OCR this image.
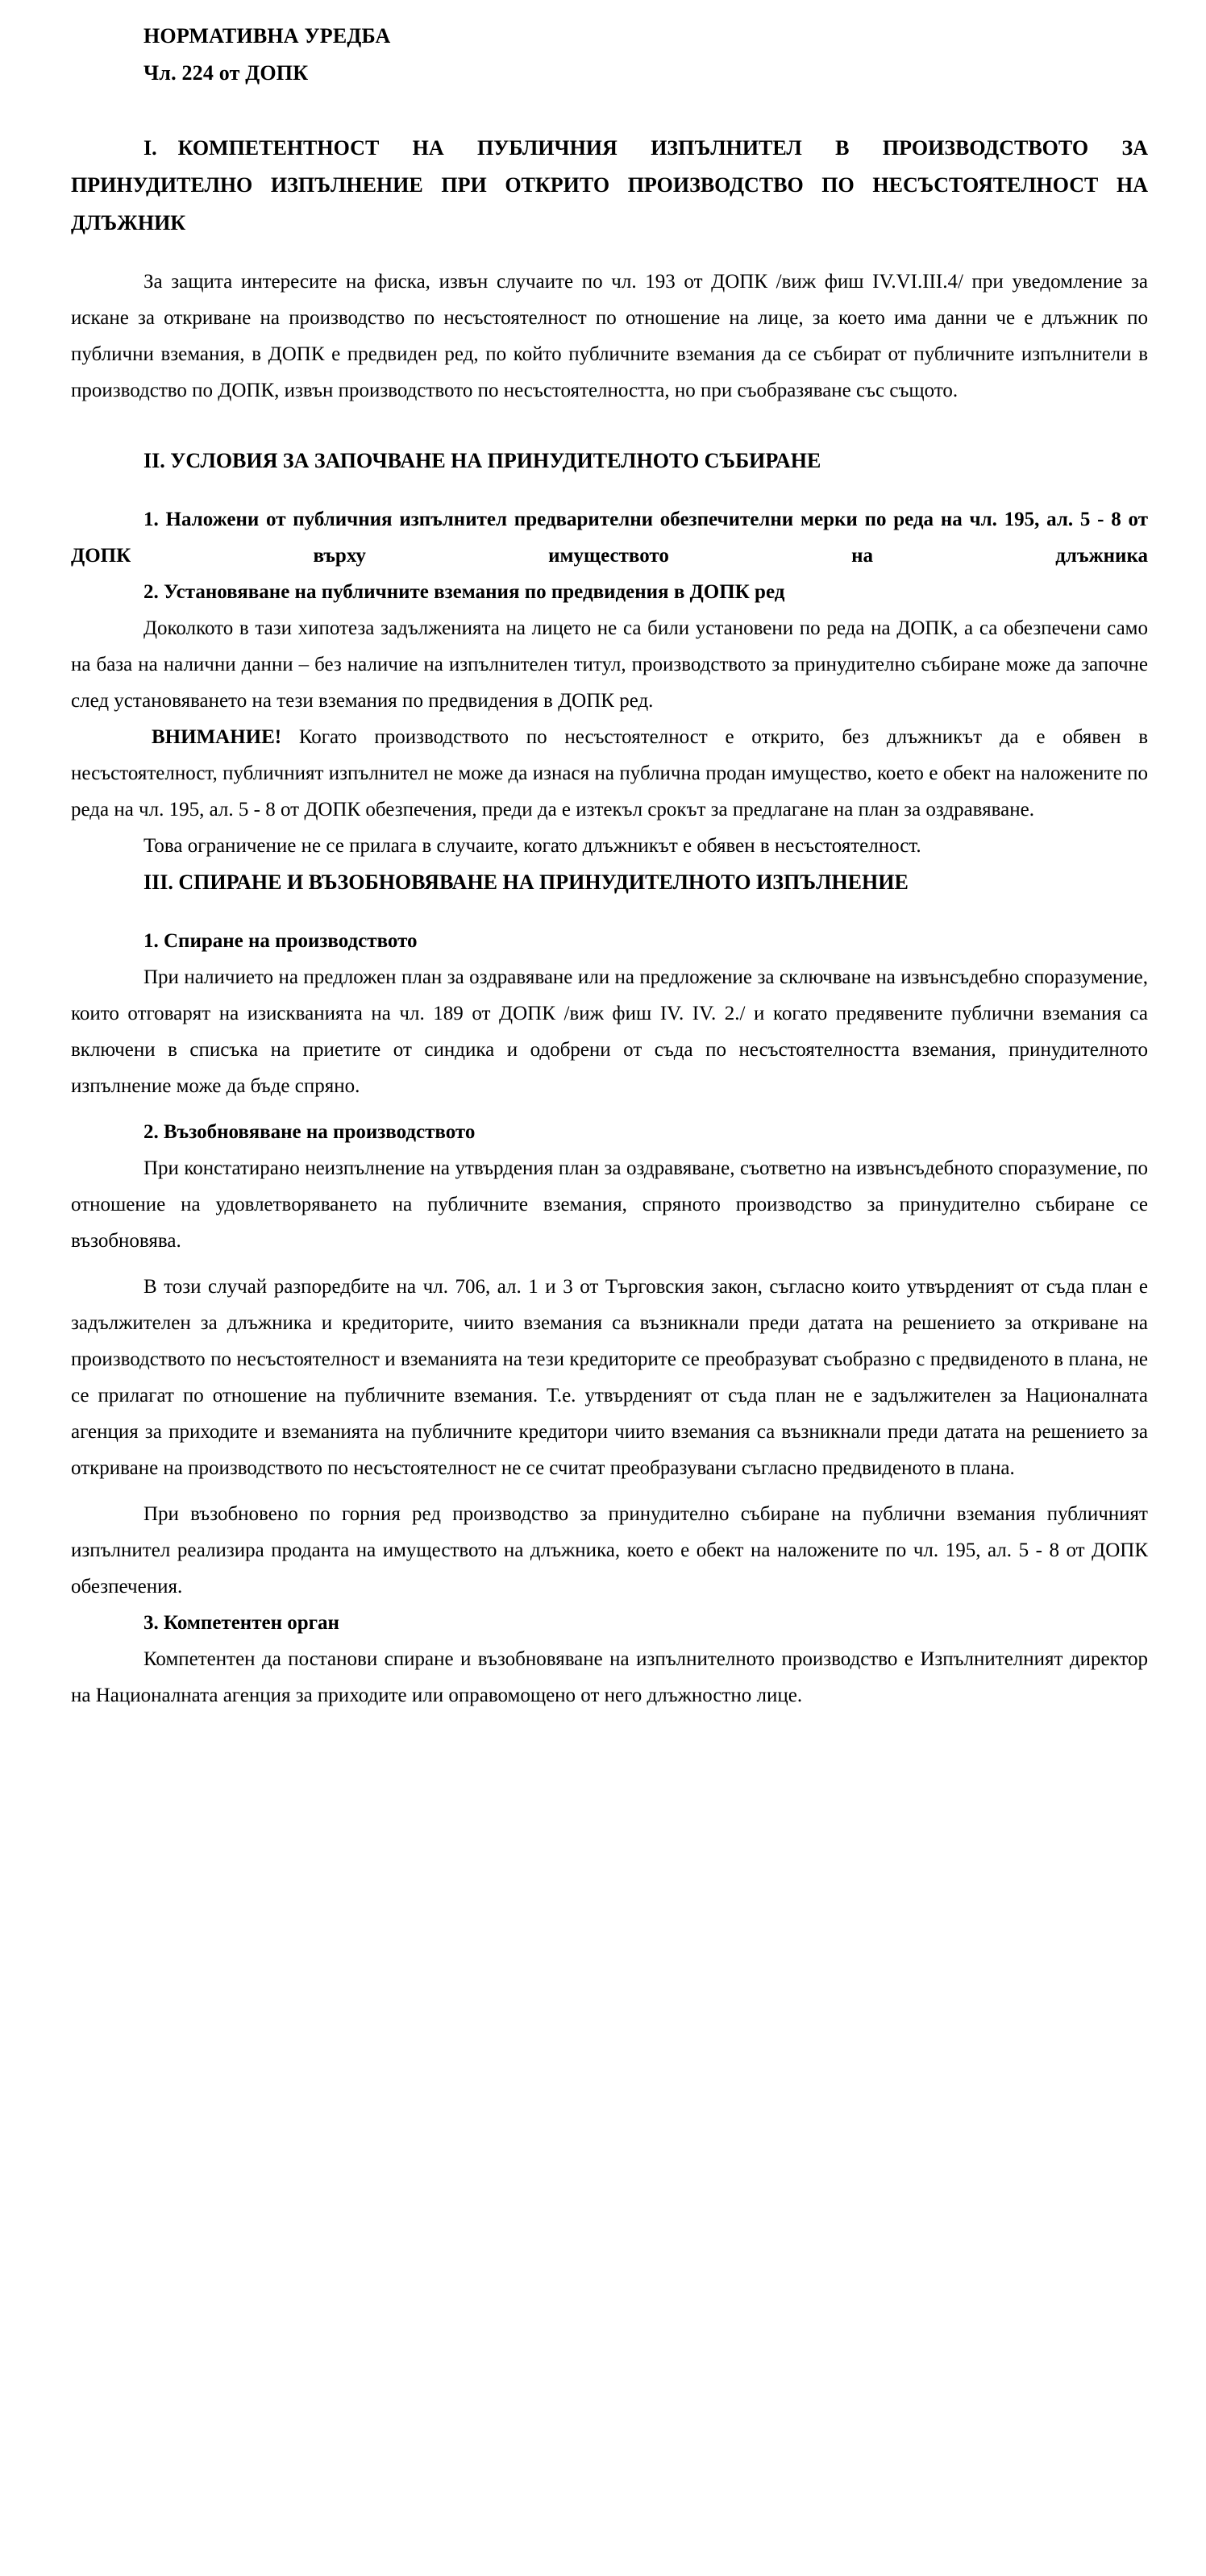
НОРМАТИВНА УРЕДБА
Чл. 224 от ДОПК
I. КОМПЕТЕНТНОСТ НА ПУБЛИЧНИЯ ИЗПЪЛНИТЕЛ В ПРОИЗВОДСТВОТО ЗА ПРИНУДИТЕЛНО ИЗПЪЛНЕНИЕ ПРИ ОТКРИТО ПРОИЗВОДСТВО ПО НЕСЪСТОЯТЕЛНОСТ НА ДЛЪЖНИК

За защита интересите на фиска, извън случаите по чл. 193 от ДОПК /виж фиш IV.VI.III.4/ при уведомление за искане за откриване на производство по несъстоятелност по отношение на лице, за което има данни че е длъжник по публични вземания, в ДОПК е предвиден ред, по който публичните вземания да се събират от публичните изпълнители в производство по ДОПК, извън производството по несъстоятелността, но при съобразяване със същото.

II. УСЛОВИЯ ЗА ЗАПОЧВАНЕ НА ПРИНУДИТЕЛНОТО СЪБИРАНЕ
1. Наложени от публичния изпълнител предварителни обезпечителни мерки по реда на чл. 195, ал. 5 - 8 от ДОПК върху имуществото на длъжника
2. Установяване на публичните вземания по предвидения в ДОПК ред

Доколкото в тази хипотеза задълженията на лицето не са били установени по реда на ДОПК, а са обезпечени само на база на налични данни – без наличие на изпълнителен титул, производството за принудително събиране може да започне след установяването на тези вземания по предвидения в ДОПК ред.

ВНИМАНИЕ! Когато производството по несъстоятелност е открито, без длъжникът да е обявен в несъстоятелност, публичният изпълнител не може да изнася на публична продан имущество, което е обект на наложените по реда на чл. 195, ал. 5 - 8 от ДОПК обезпечения, преди да е изтекъл срокът за предлагане на план за оздравяване.

Това ограничение не се прилага в случаите, когато длъжникът е обявен в несъстоятелност.

III. СПИРАНЕ И ВЪЗОБНОВЯВАНЕ НА ПРИНУДИТЕЛНОТО ИЗПЪЛНЕНИЕ
1. Спиране на производството

При наличието на предложен план за оздравяване или на предложение за сключване на извънсъдебно споразумение, които отговарят на изискванията на чл. 189 от ДОПК /виж фиш IV. IV. 2./ и когато предявените публични вземания са включени в списъка на приетите от синдика и одобрени от съда по несъстоятелността вземания, принудителното изпълнение може да бъде спряно.

2. Възобновяване на производството

При констатирано неизпълнение на утвърдения план за оздравяване, съответно на извънсъдебното споразумение, по отношение на удовлетворяването на публичните вземания, спряното производство за принудително събиране се възобновява.

В този случай разпоредбите на чл. 706, ал. 1 и 3 от Търговския закон, съгласно които утвърденият от съда план е задължителен за длъжника и кредиторите, чиито вземания са възникнали преди датата на решението за откриване на производството по несъстоятелност и вземанията на тези кредиторите се преобразуват съобразно с предвиденото в плана, не се прилагат по отношение на публичните вземания. Т.е. утвърденият от съда план не е задължителен за Националната агенция за приходите и вземанията на публичните кредитори чиито вземания са възникнали преди датата на решението за откриване на производството по несъстоятелност не се считат преобразувани съгласно предвиденото в плана.

При възобновено по горния ред производство за принудително събиране на публични вземания публичният изпълнител реализира продантa на имуществото на длъжника, което е обект на наложените по чл. 195, ал. 5 - 8 от ДОПК обезпечения.

3. Компетентен орган

Компетентен да постанови спиране и възобновяване на изпълнителното производство е Изпълнителният директор на Националната агенция за приходите или оправомощено от него длъжностно лице.
